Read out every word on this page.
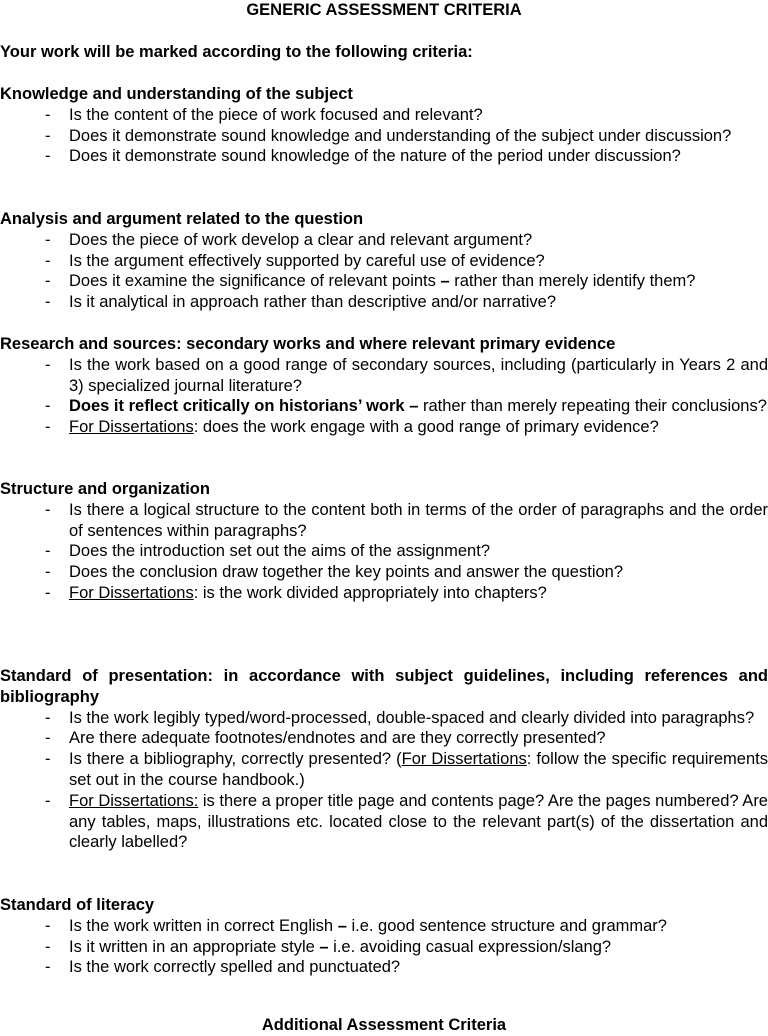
GENERIC ASSESSMENT CRITERIA
Your work will be marked according to the following criteria:
Knowledge and understanding of the subject
- Is the content of the piece of work focused and relevant?
- Does it demonstrate sound knowledge and understanding of the subject under discussion?
- Does it demonstrate sound knowledge of the nature of the period under discussion?
Analysis and argument related to the question
- Does the piece of work develop a clear and relevant argument?
- Is the argument effectively supported by careful use of evidence?
- Does it examine the significance of relevant points – rather than merely identify them?
- Is it analytical in approach rather than descriptive and/or narrative?
Research and sources: secondary works and where relevant primary evidence
- Is the work based on a good range of secondary sources, including (particularly in Years 2 and 3) specialized journal literature?
- Does it reflect critically on historians’ work – rather than merely repeating their conclusions?
- For Dissertations: does the work engage with a good range of primary evidence?
Structure and organization
- Is there a logical structure to the content both in terms of the order of paragraphs and the order of sentences within paragraphs?
- Does the introduction set out the aims of the assignment?
- Does the conclusion draw together the key points and answer the question?
- For Dissertations: is the work divided appropriately into chapters?
Standard of presentation: in accordance with subject guidelines, including references and bibliography
- Is the work legibly typed/word-processed, double-spaced and clearly divided into paragraphs?
- Are there adequate footnotes/endnotes and are they correctly presented?
- Is there a bibliography, correctly presented? (For Dissertations: follow the specific requirements set out in the course handbook.)
- For Dissertations: is there a proper title page and contents page? Are the pages numbered? Are any tables, maps, illustrations etc. located close to the relevant part(s) of the dissertation and clearly labelled?
Standard of literacy
- Is the work written in correct English – i.e. good sentence structure and grammar?
- Is it written in an appropriate style – i.e. avoiding casual expression/slang?
- Is the work correctly spelled and punctuated?
Additional Assessment Criteria
